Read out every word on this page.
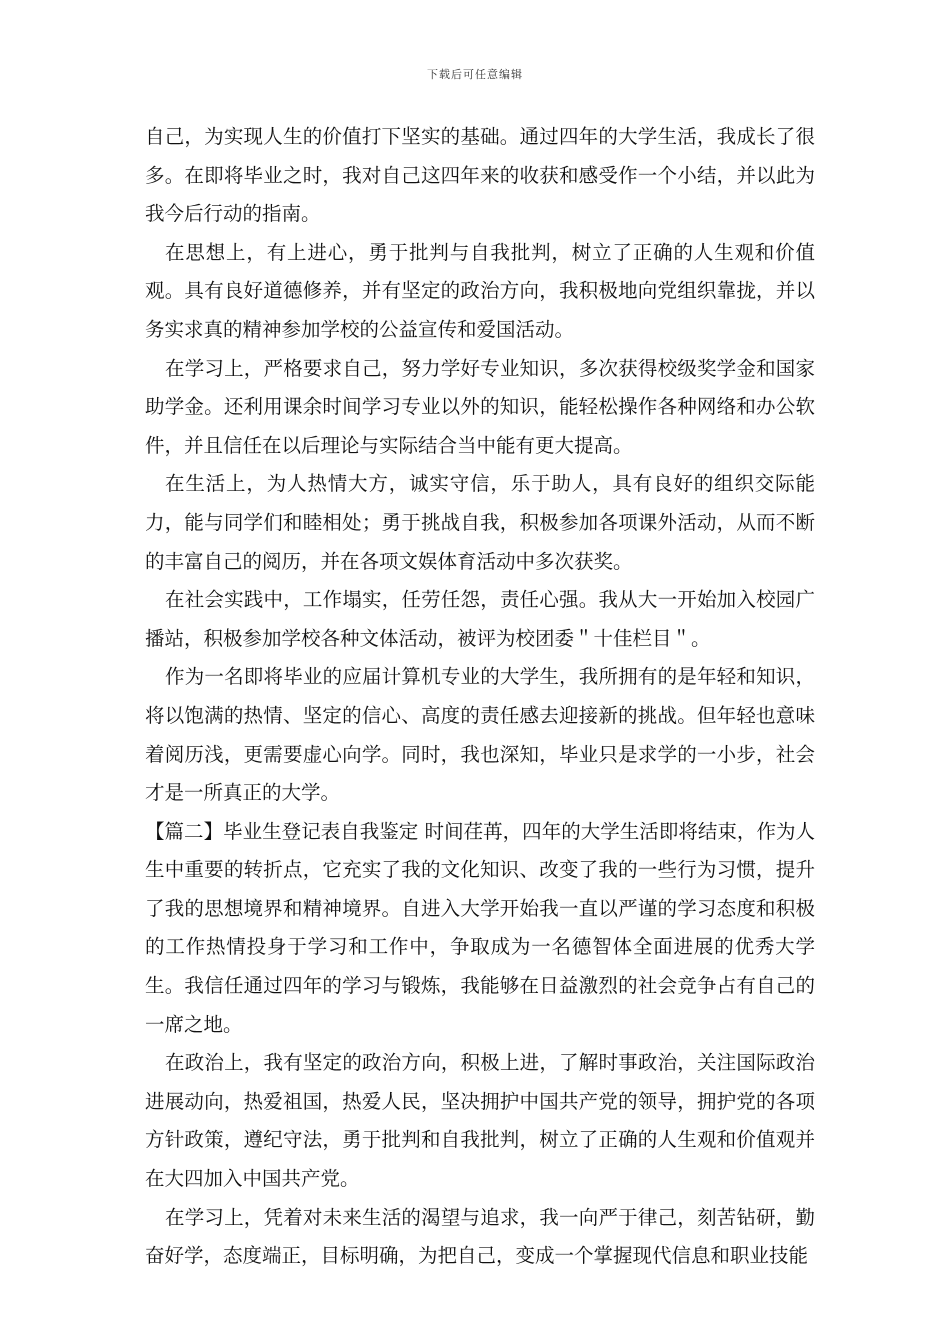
下载后可任意编辑

自己，为实现人生的价值打下坚实的基础。通过四年的大学生活，我成长了很多。在即将毕业之时，我对自己这四年来的收获和感受作一个小结，并以此为我今后行动的指南。

在思想上，有上进心，勇于批判与自我批判，树立了正确的人生观和价值观。具有良好道德修养，并有坚定的政治方向，我积极地向党组织靠拢，并以务实求真的精神参加学校的公益宣传和爱国活动。

在学习上，严格要求自己，努力学好专业知识，多次获得校级奖学金和国家助学金。还利用课余时间学习专业以外的知识，能轻松操作各种网络和办公软件，并且信任在以后理论与实际结合当中能有更大提高。

在生活上，为人热情大方，诚实守信，乐于助人，具有良好的组织交际能力，能与同学们和睦相处；勇于挑战自我，积极参加各项课外活动，从而不断的丰富自己的阅历，并在各项文娱体育活动中多次获奖。

在社会实践中，工作塌实，任劳任怨，责任心强。我从大一开始加入校园广播站，积极参加学校各种文体活动，被评为校团委＂十佳栏目＂。

作为一名即将毕业的应届计算机专业的大学生，我所拥有的是年轻和知识，将以饱满的热情、坚定的信心、高度的责任感去迎接新的挑战。但年轻也意味着阅历浅，更需要虚心向学。同时，我也深知，毕业只是求学的一小步，社会才是一所真正的大学。

【篇二】毕业生登记表自我鉴定 时间荏苒，四年的大学生活即将结束，作为人生中重要的转折点，它充实了我的文化知识、改变了我的一些行为习惯，提升了我的思想境界和精神境界。自进入大学开始我一直以严谨的学习态度和积极的工作热情投身于学习和工作中，争取成为一名德智体全面进展的优秀大学生。我信任通过四年的学习与锻炼，我能够在日益激烈的社会竞争占有自己的一席之地。

在政治上，我有坚定的政治方向，积极上进，了解时事政治，关注国际政治进展动向，热爱祖国，热爱人民，坚决拥护中国共产党的领导，拥护党的各项方针政策，遵纪守法，勇于批判和自我批判，树立了正确的人生观和价值观并在大四加入中国共产党。

在学习上，凭着对未来生活的渴望与追求，我一向严于律己，刻苦钻研，勤奋好学，态度端正，目标明确，为把自己，变成一个掌握现代信息和职业技能
